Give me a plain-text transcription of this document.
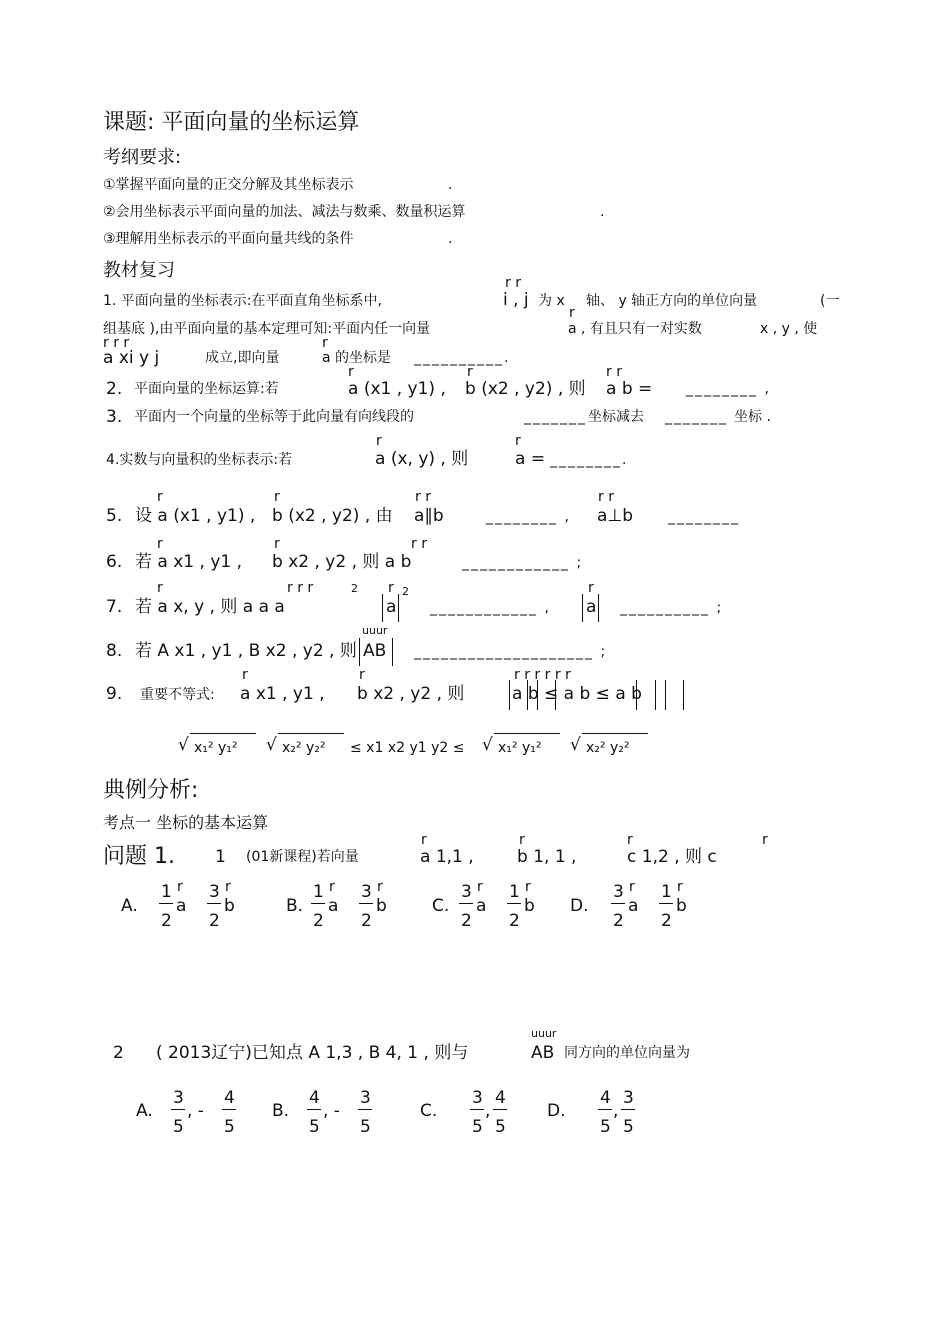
课题: 平面向量的坐标运算
考纲要求:
①掌握平面向量的正交分解及其坐标表示	.
②会用坐标表示平面向量的加法、减法与数乘、数量积运算	.
③理解用坐标表示的平面向量共线的条件	.
教材复习
r r
1. 平面向量的坐标表示:在平面直角坐标系中,	i , j 为 x
r
轴、 y 轴正方向的单位向量	(一
组基底 ),由平面向量的基本定理可知:平面内任一向量	a , 有且只有一对实数	x , y , 使
r r r	r
a xi y j	成立,即向量	a 的坐标是 __________.
r	r	r r
2. 平面向量的坐标运算:若	a (x1 , y1) , b (x2 , y2) , 则 a b = ________ ,
3. 平面内一个向量的坐标等于此向量有向线段的	_______ 坐标减去 _______ 坐标 .
r	r
4.实数与向量积的坐标表示:若	a (x, y) , 则	a = ________.
r	r	r r	r r
5. 设 a (x1 , y1) , b (x2 , y2) , 由 a∥b	________ , a⊥b ________
r	r	r r
6. 若 a x1 , y1 , b x2 , y2 , 则 a b	____________ ;
r	r r r	2 r	r
7. 若 a x, y , 则 a a a	a
2
____________ , a __________ ;
uuur
8. 若 A x1 , y1 , B x2 , y2 , 则 AB ____________________ ;
r	r	r r r r r r
9. 重要不等式: a x1 , y1 , b x2 , y2 , 则	a b ≤ a b ≤ a b
√ x₁² y₁² √ x₂² y₂² ≤ x1 x2 y1 y2 ≤ √ x₁² y₁² √ x₂² y₂²
典例分析:
考点一 坐标的基本运算
r	r	r	r
问题 1. 1 (01新课程)若向量	a 1,1 ,	b 1, 1 ,	c 1,2 , 则 c
A.
1
2
r
a
3
2
r
b	B.
1
2
r
a
3
2
r
b	C.
3
2
r
a
1
2
r
b D.
3
2
r
a
1
2
r
b
uuur
2 ( 2013辽宁)已知点 A 1,3 , B 4, 1 , 则与	AB 同方向的单位向量为
A.
3
5
, -
4
5
B.
4
5
, -
3
5
C.
3
5
,
4
5
D.
4
5
,
3
5
